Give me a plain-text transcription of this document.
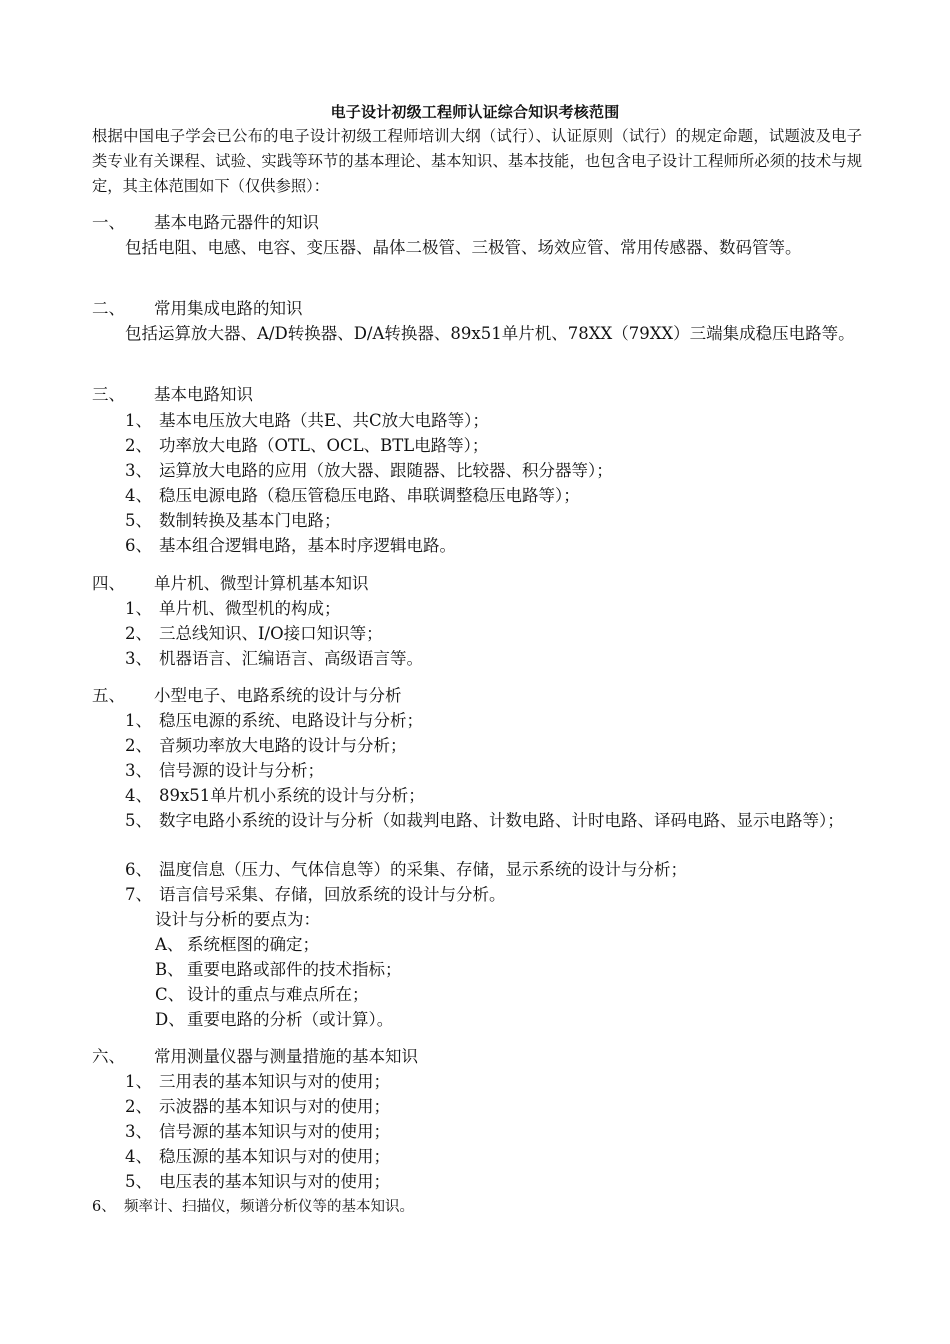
电子设计初级工程师认证综合知识考核范围
根据中国电子学会已公布的电子设计初级工程师培训大纲（试行）、认证原则（试行）的规定命题，试题波及电子类专业有关课程、试验、实践等环节的基本理论、基本知识、基本技能，也包含电子设计工程师所必须的技术与规定，其主体范围如下（仅供参照）：
一、 基本电路元器件的知识
包括电阻、电感、电容、变压器、晶体二极管、三极管、场效应管、常用传感器、数码管等。
二、 常用集成电路的知识
包括运算放大器、A/D转换器、D/A转换器、89x51单片机、78XX（79XX）三端集成稳压电路等。
三、 基本电路知识
1、 基本电压放大电路（共E、共C放大电路等）；
2、 功率放大电路（OTL、OCL、BTL电路等）；
3、 运算放大电路的应用（放大器、跟随器、比较器、积分器等）；
4、 稳压电源电路（稳压管稳压电路、串联调整稳压电路等）；
5、 数制转换及基本门电路；
6、 基本组合逻辑电路，基本时序逻辑电路。
四、 单片机、微型计算机基本知识
1、 单片机、微型机的构成；
2、 三总线知识、I/O接口知识等；
3、 机器语言、汇编语言、高级语言等。
五、 小型电子、电路系统的设计与分析
1、 稳压电源的系统、电路设计与分析；
2、 音频功率放大电路的设计与分析；
3、 信号源的设计与分析；
4、 89x51单片机小系统的设计与分析；
5、 数字电路小系统的设计与分析（如裁判电路、计数电路、计时电路、译码电路、显示电路等）；
6、 温度信息（压力、气体信息等）的采集、存储，显示系统的设计与分析；
7、 语言信号采集、存储，回放系统的设计与分析。
设计与分析的要点为：
A、 系统框图的确定；
B、 重要电路或部件的技术指标；
C、 设计的重点与难点所在；
D、 重要电路的分析（或计算）。
六、 常用测量仪器与测量措施的基本知识
1、 三用表的基本知识与对的使用；
2、 示波器的基本知识与对的使用；
3、 信号源的基本知识与对的使用；
4、 稳压源的基本知识与对的使用；
5、 电压表的基本知识与对的使用；
6、 频率计、扫描仪，频谱分析仪等的基本知识。
